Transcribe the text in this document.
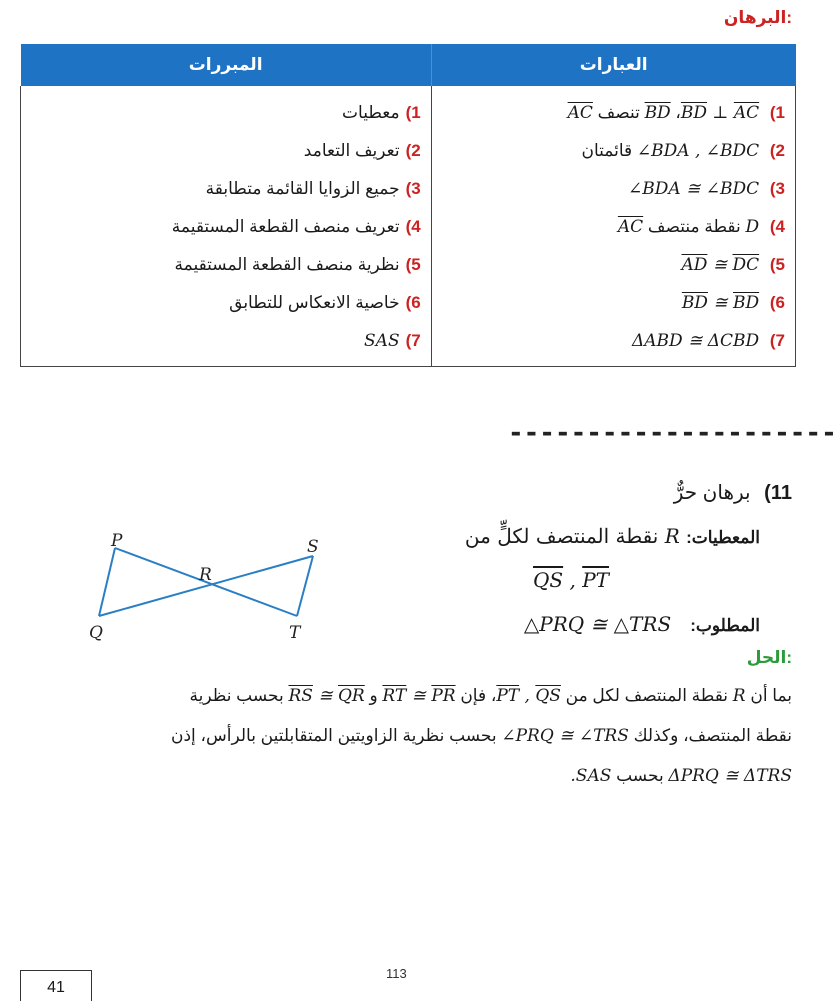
البرهان:
العبارات	المبررات
1) $\overline{BD}$ ⊥ $\overline{AC}،$ BD تنصف AC	1)معطيات
2) ∠BDA , ∠BDC قائمتان	2)تعريف التعامد
3) ∠BDA ≅ ∠BDC	3)جميع الزوايا القائمة متطابقة
4) D نقطة منتصف AC	4)تعريف منصف القطعة المستقيمة
5) $\overline{AD}$ ≅ $\overline{DC}$	5)نظرية منصف القطعة المستقيمة
6) $\overline{BD}$ ≅ $\overline{BD}$	6)خاصية الانعكاس للتطابق
7) ΔABD ≅ ΔCBD	7)SAS
---------------------
11) برهان حرٌّ
المعطيات: R نقطة المنتصف لكلٍّ من
$\overline{QS}$ , $\overline{PT}$
المطلوب:   △PRQ ≅ △TRS
P	S
R
Q	T
الحل:
بما أن R نقطة المنتصف لكل من $\overline{PT}$ , $\overline{QS}،$ فإن $\overline{RT}$ ≅ $\overline{PR}$ و $\overline{RS}$ ≅ $\overline{QR}$ بحسب نظرية
نقطة المنتصف، وكذلك ∠PRQ ≅ ∠TRS بحسب نظرية الزاويتين المتقابلتين بالرأس، إذن
ΔPRQ ≅ ΔTRS بحسب SAS.
113
41
